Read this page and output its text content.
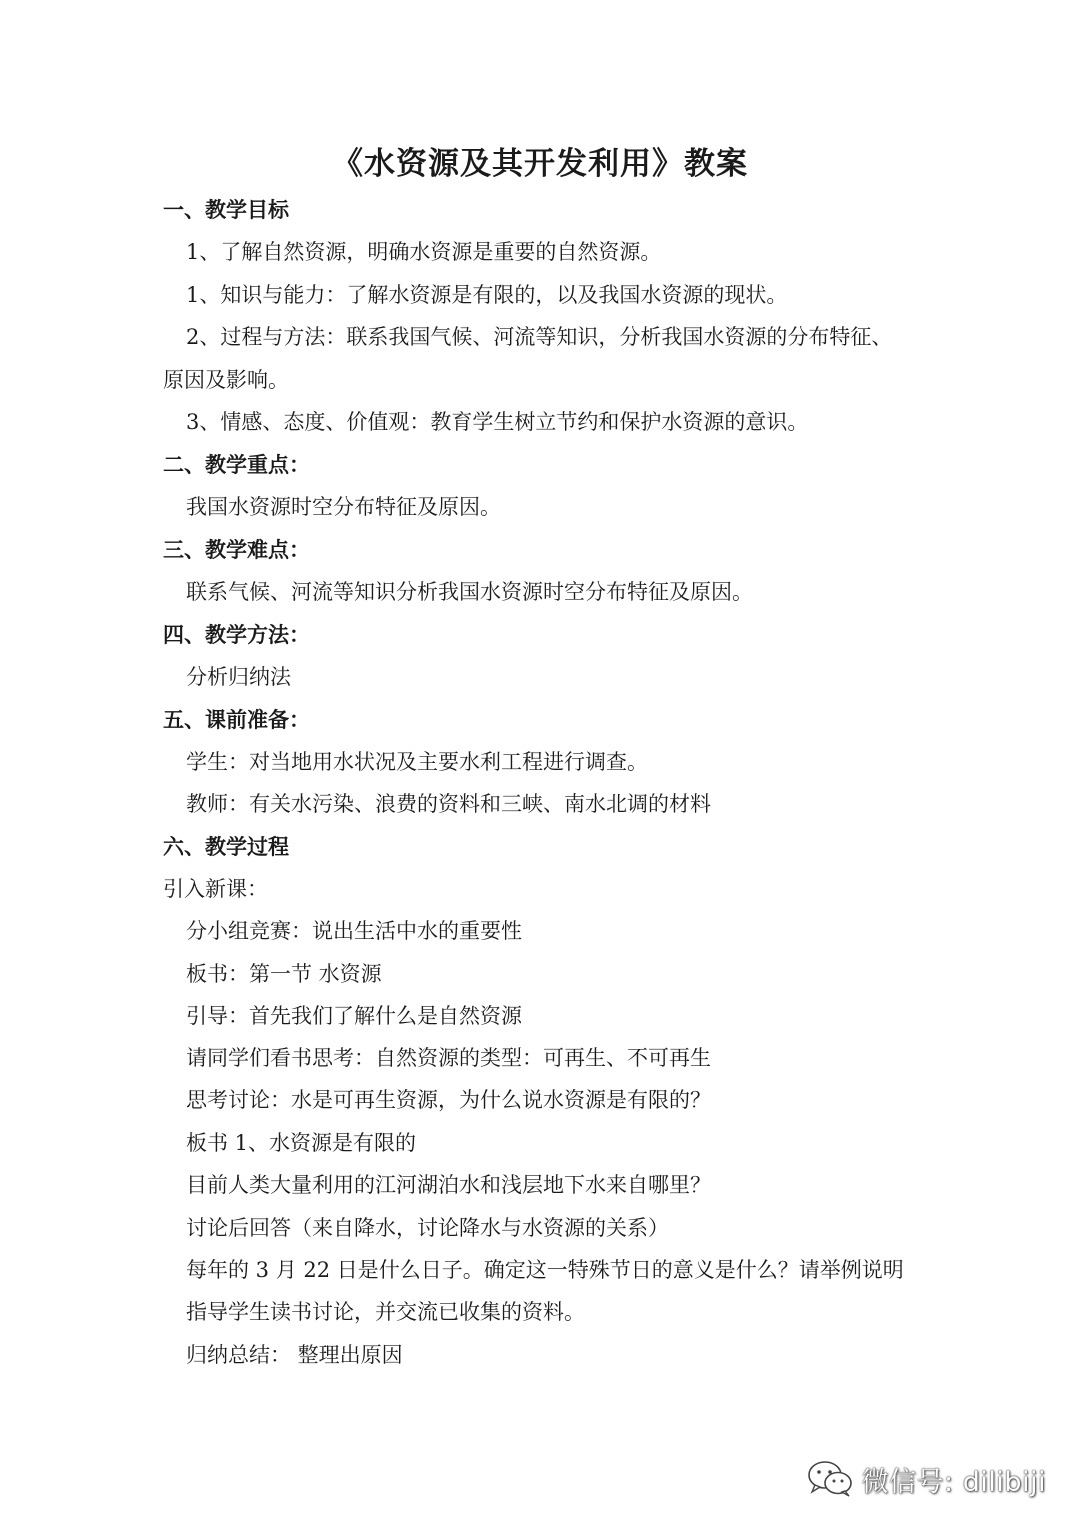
《水资源及其开发利用》教案
一、教学目标
1、了解自然资源，明确水资源是重要的自然资源。
1、知识与能力：了解水资源是有限的，以及我国水资源的现状。
2、过程与方法：联系我国气候、河流等知识，分析我国水资源的分布特征、
原因及影响。
3、情感、态度、价值观：教育学生树立节约和保护水资源的意识。
二、教学重点：
我国水资源时空分布特征及原因。
三、教学难点：
联系气候、河流等知识分析我国水资源时空分布特征及原因。
四、教学方法：
分析归纳法
五、课前准备：
学生：对当地用水状况及主要水利工程进行调查。
教师：有关水污染、浪费的资料和三峡、南水北调的材料
六、教学过程
引入新课：
分小组竞赛：说出生活中水的重要性
板书：第一节 水资源
引导：首先我们了解什么是自然资源
请同学们看书思考：自然资源的类型：可再生、不可再生
思考讨论：水是可再生资源，为什么说水资源是有限的？
板书 1、水资源是有限的
目前人类大量利用的江河湖泊水和浅层地下水来自哪里？
讨论后回答（来自降水，讨论降水与水资源的关系）
每年的 3 月 22 日是什么日子。确定这一特殊节日的意义是什么？请举例说明
指导学生读书讨论，并交流已收集的资料。
归纳总结： 整理出原因
微信号: dilibiji
